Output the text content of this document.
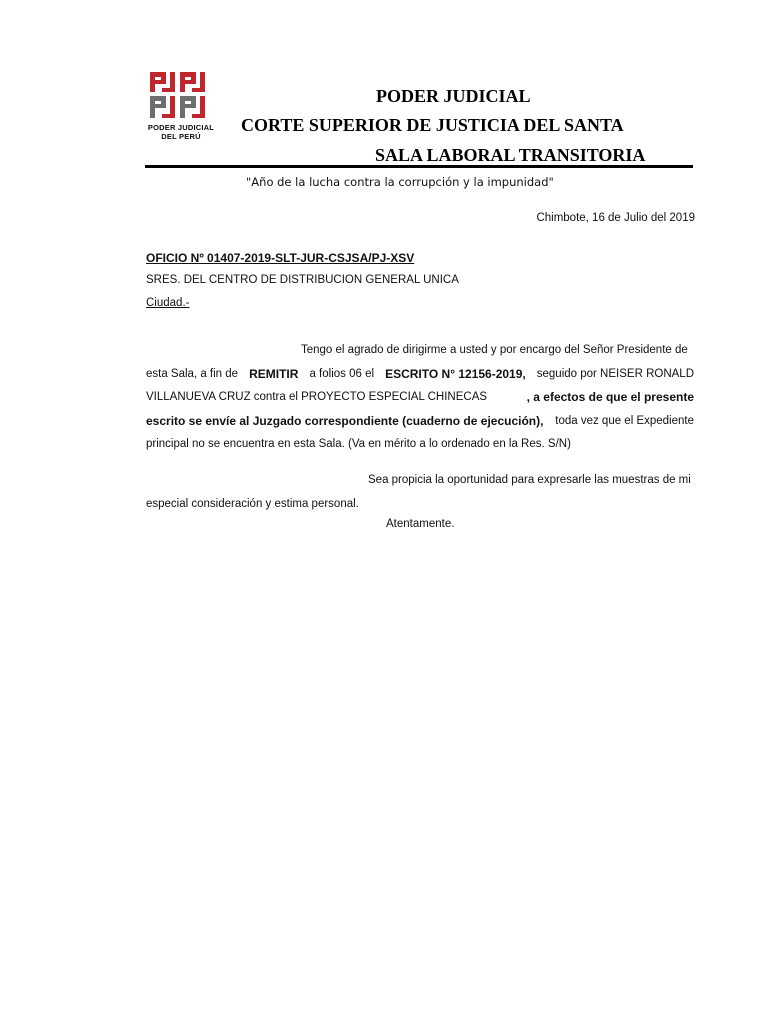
PODER JUDICIAL
DEL PERÚ
PODER JUDICIAL
CORTE SUPERIOR DE JUSTICIA DEL SANTA
SALA LABORAL TRANSITORIA
"Año de la lucha contra la corrupción y la impunidad"
Chimbote, 16 de Julio del 2019
OFICIO Nº 01407-2019-SLT-JUR-CSJSA/PJ-XSV
SRES. DEL CENTRO DE DISTRIBUCION GENERAL UNICA
Ciudad.-
Tengo el agrado de dirigirme a usted y por encargo del Señor Presidente de
esta Sala, a fin de REMITIR a folios 06 el ESCRITO N° 12156-2019, seguido por NEISER RONALD
VILLANUEVA CRUZ contra el PROYECTO ESPECIAL CHINECAS	, a efectos de que el presente
escrito se envíe al Juzgado correspondiente (cuaderno de ejecución), toda vez que el Expediente
principal no se encuentra en esta Sala. (Va en mérito a lo ordenado en la Res. S/N)
Sea propicia la oportunidad para expresarle las muestras de mi
especial consideración y estima personal.
Atentamente.
